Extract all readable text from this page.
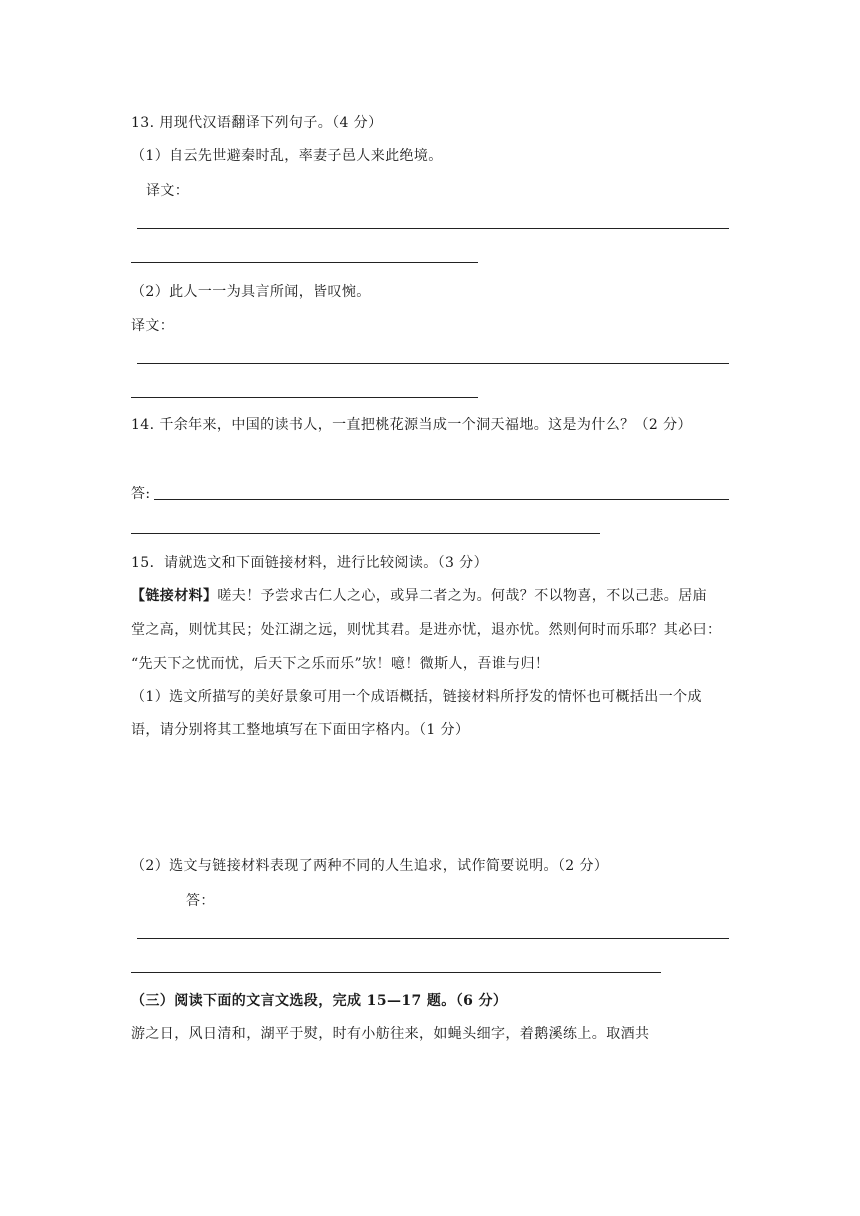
13. 用现代汉语翻译下列句子。（4 分）
（1）自云先世避秦时乱，率妻子邑人来此绝境。
译文：
（2）此人一一为具言所闻，皆叹惋。
译文：
14. 千余年来，中国的读书人，一直把桃花源当成一个洞天福地。这是为什么？（2 分）
答:
15．请就选文和下面链接材料，进行比较阅读。（3 分）
【链接材料】嗟夫！予尝求古仁人之心，或异二者之为。何哉？不以物喜，不以己悲。居庙
堂之高，则忧其民；处江湖之远，则忧其君。是进亦忧，退亦忧。然则何时而乐耶？其必曰：
“先天下之忧而忧，后天下之乐而乐”欤！噫！微斯人，吾谁与归！
（1）选文所描写的美好景象可用一个成语概括，链接材料所抒发的情怀也可概括出一个成
语，请分别将其工整地填写在下面田字格内。（1 分）
（2）选文与链接材料表现了两种不同的人生追求，试作简要说明。（2 分）
答：
（三）阅读下面的文言文选段，完成 15—17 题。（6 分）
游之日，风日清和，湖平于熨，时有小舫往来，如蝇头细字，着鹅溪练上。取酒共
